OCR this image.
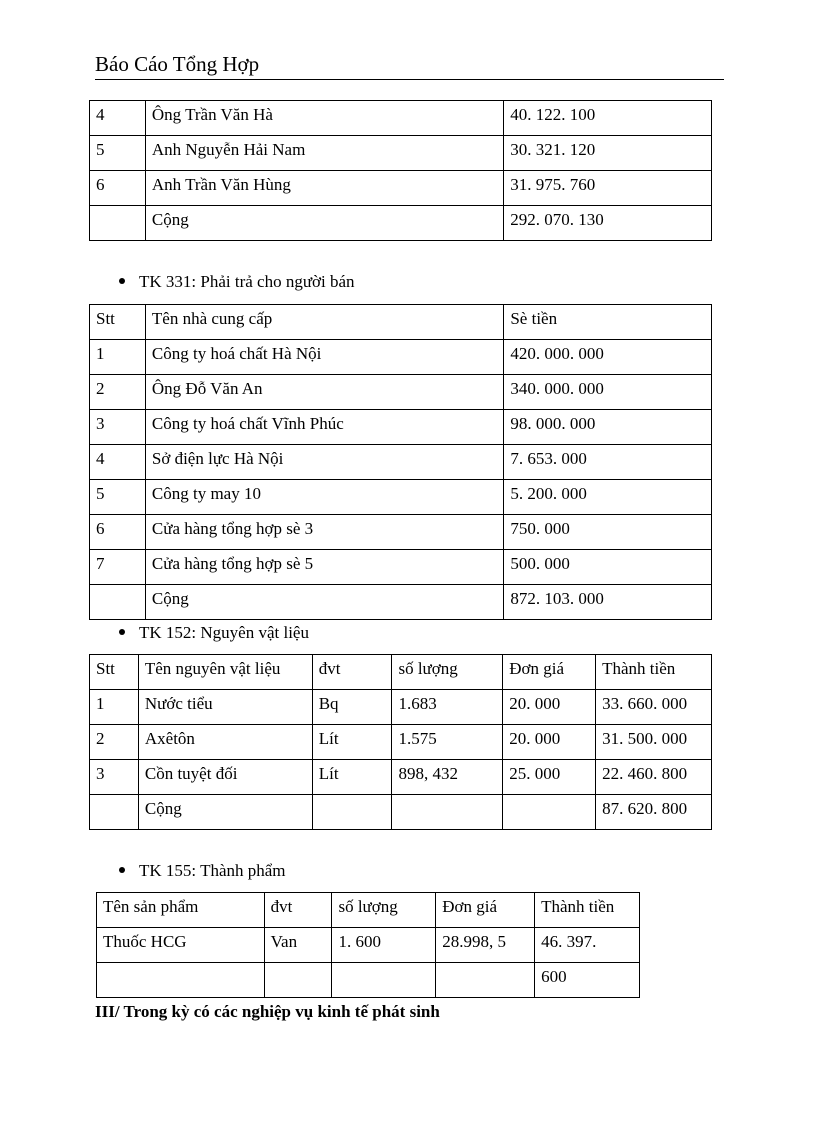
Báo Cáo Tổng Hợp
4	Ông Trần Văn Hà	40. 122. 100
5	Anh Nguyễn Hải Nam	30. 321. 120
6	Anh Trần Văn Hùng	31. 975. 760
	Cộng	292. 070. 130
TK 331: Phải trả cho người bán
Stt	Tên nhà cung cấp	Sè tiền
1	Công ty hoá chất Hà Nội	420. 000. 000
2	Ông Đỗ Văn An	340. 000. 000
3	Công ty hoá chất Vĩnh Phúc	98. 000. 000
4	Sở điện lực Hà Nội	7. 653. 000
5	Công ty may 10	5. 200. 000
6	Cửa hàng tổng hợp sè 3	750. 000
7	Cửa hàng tổng hợp sè 5	500. 000
	Cộng	872. 103. 000
TK 152: Nguyên vật liệu
Stt	Tên nguyên vật liệu	đvt	số lượng	Đơn giá	Thành tiền
1	Nước tiểu	Bq	1.683	20. 000	33. 660. 000
2	Axêtôn	Lít	1.575	20. 000	31. 500. 000
3	Cồn tuyệt đối	Lít	898, 432	25. 000	22. 460. 800
	Cộng				87. 620. 800
TK 155: Thành phẩm
Tên sản phẩm	đvt	số lượng	Đơn giá	Thành tiền
Thuốc HCG	Van	1. 600	28.998, 5	46. 397.
				600
III/ Trong kỳ có các nghiệp vụ kinh tế phát sinh
